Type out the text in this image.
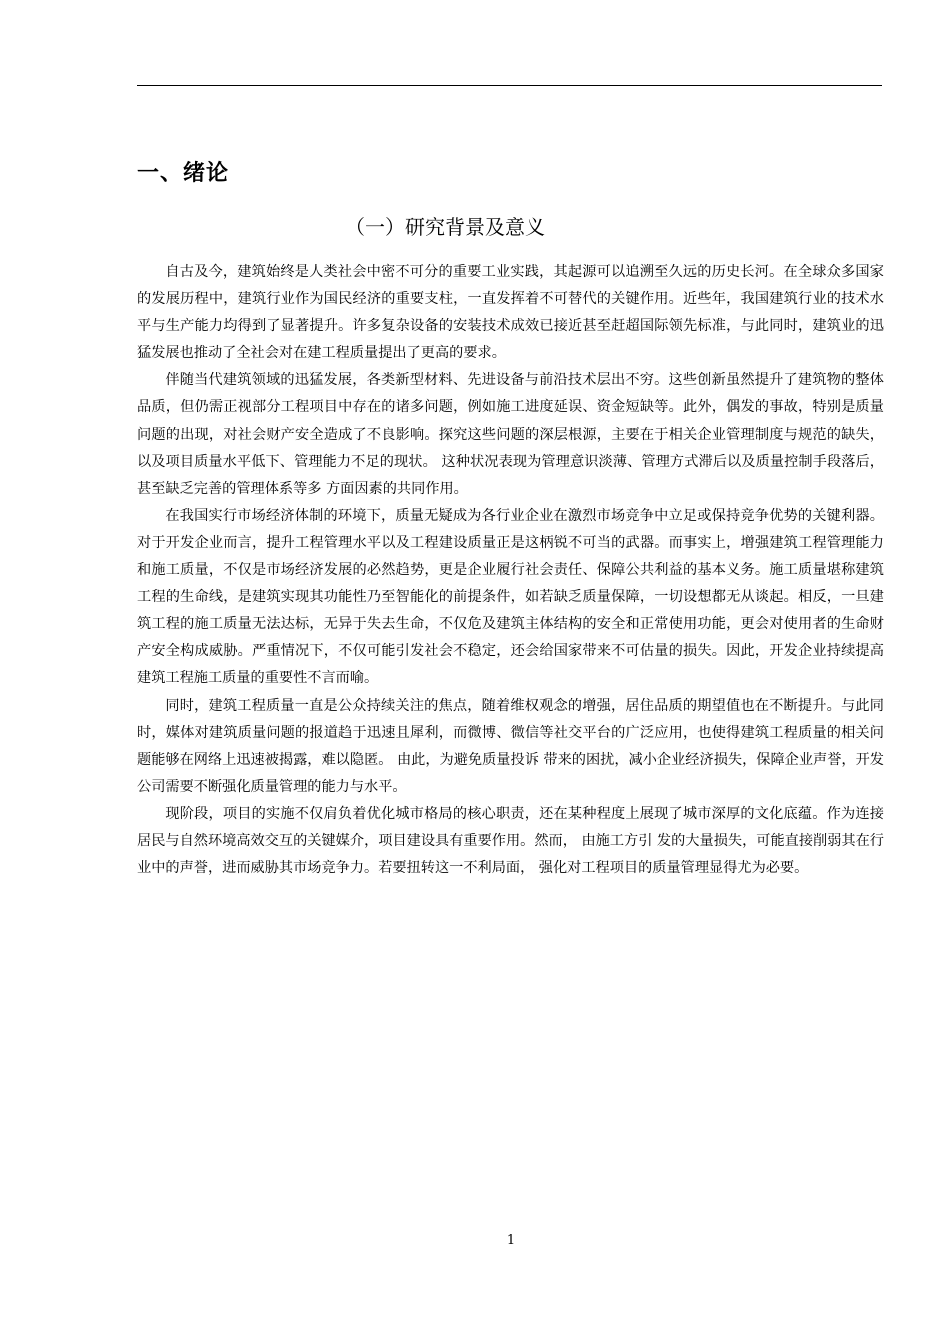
一、绪论
（一）研究背景及意义

自古及今，建筑始终是人类社会中密不可分的重要工业实践，其起源可以追溯至久远的历史长河。在全球众多国家的发展历程中，建筑行业作为国民经济的重要支柱，一直发挥着不可替代的关键作用。近些年，我国建筑行业的技术水平与生产能力均得到了显著提升。许多复杂设备的安装技术成效已接近甚至赶超国际领先标准，与此同时，建筑业的迅猛发展也推动了全社会对在建工程质量提出了更高的要求。

伴随当代建筑领域的迅猛发展，各类新型材料、先进设备与前沿技术层出不穷。这些创新虽然提升了建筑物的整体品质，但仍需正视部分工程项目中存在的诸多问题，例如施工进度延误、资金短缺等。此外，偶发的事故，特别是质量问题的出现，对社会财产安全造成了不良影响。探究这些问题的深层根源，主要在于相关企业管理制度与规范的缺失， 以及项目质量水平低下、管理能力不足的现状。 这种状况表现为管理意识淡薄、管理方式滞后以及质量控制手段落后，甚至缺乏完善的管理体系等多 方面因素的共同作用。

在我国实行市场经济体制的环境下，质量无疑成为各行业企业在激烈市场竞争中立足或保持竞争优势的关键利器。对于开发企业而言，提升工程管理水平以及工程建设质量正是这柄锐不可当的武器。而事实上，增强建筑工程管理能力和施工质量，不仅是市场经济发展的必然趋势，更是企业履行社会责任、保障公共利益的基本义务。施工质量堪称建筑工程的生命线，是建筑实现其功能性乃至智能化的前提条件，如若缺乏质量保障，一切设想都无从谈起。相反，一旦建筑工程的施工质量无法达标，无异于失去生命，不仅危及建筑主体结构的安全和正常使用功能，更会对使用者的生命财产安全构成威胁。严重情况下，不仅可能引发社会不稳定，还会给国家带来不可估量的损失。因此，开发企业持续提高建筑工程施工质量的重要性不言而喻。

同时，建筑工程质量一直是公众持续关注的焦点，随着维权观念的增强，居住品质的期望值也在不断提升。与此同时，媒体对建筑质量问题的报道趋于迅速且犀利，而微博、微信等社交平台的广泛应用，也使得建筑工程质量的相关问题能够在网络上迅速被揭露，难以隐匿。 由此，为避免质量投诉 带来的困扰，减小企业经济损失，保障企业声誉，开发公司需要不断强化质量管理的能力与水平。

现阶段，项目的实施不仅肩负着优化城市格局的核心职责，还在某种程度上展现了城市深厚的文化底蕴。作为连接居民与自然环境高效交互的关键媒介，项目建设具有重要作用。然而， 由施工方引 发的大量损失，可能直接削弱其在行业中的声誉，进而威胁其市场竞争力。若要扭转这一不利局面， 强化对工程项目的质量管理显得尤为必要。

1
